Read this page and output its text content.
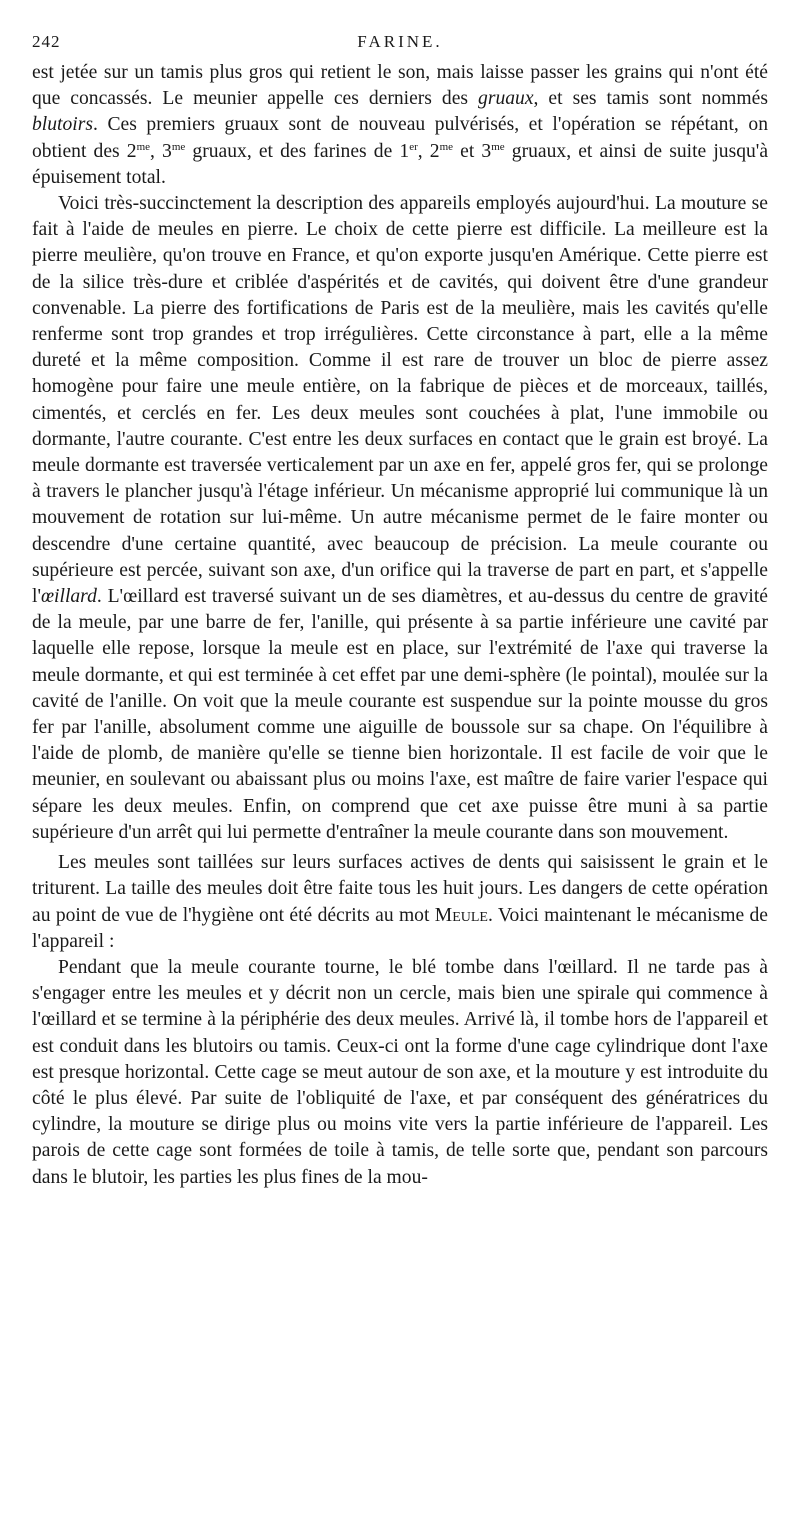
242	FARINE.

est jetée sur un tamis plus gros qui retient le son, mais laisse passer les grains qui n'ont été que concassés. Le meunier appelle ces derniers des gruaux, et ses tamis sont nommés blutoirs. Ces premiers gruaux sont de nouveau pulvérisés, et l'opération se répétant, on obtient des $2^{me}$, $3^{me}$ gruaux, et des farines de 1er, $2^{me}$ et $3^{me}$ gruaux, et ainsi de suite jusqu'à épuisement total.

Voici très-succinctement la description des appareils employés aujourd'hui. La mouture se fait à l'aide de meules en pierre. Le choix de cette pierre est difficile. La meilleure est la pierre meulière, qu'on trouve en France, et qu'on exporte jusqu'en Amérique. Cette pierre est de la silice très-dure et criblée d'aspérités et de cavités, qui doivent être d'une grandeur convenable. La pierre des fortifications de Paris est de la meulière, mais les cavités qu'elle renferme sont trop grandes et trop irrégulières. Cette circonstance à part, elle a la même dureté et la même composition. Comme il est rare de trouver un bloc de pierre assez homogène pour faire une meule entière, on la fabrique de pièces et de morceaux, taillés, cimentés, et cerclés en fer. Les deux meules sont couchées à plat, l'une immobile ou dormante, l'autre courante. C'est entre les deux surfaces en contact que le grain est broyé. La meule dormante est traversée verticalement par un axe en fer, appelé gros fer, qui se prolonge à travers le plancher jusqu'à l'étage inférieur. Un mécanisme approprié lui communique là un mouvement de rotation sur lui-même. Un autre mécanisme permet de le faire monter ou descendre d'une certaine quantité, avec beaucoup de précision. La meule courante ou supérieure est percée, suivant son axe, d'un orifice qui la traverse de part en part, et s'appelle l'œillard. L'œillard est traversé suivant un de ses diamètres, et au-dessus du centre de gravité de la meule, par une barre de fer, l'anille, qui présente à sa partie inférieure une cavité par laquelle elle repose, lorsque la meule est en place, sur l'extrémité de l'axe qui traverse la meule dormante, et qui est terminée à cet effet par une demi-sphère (le pointal), moulée sur la cavité de l'anille. On voit que la meule courante est suspendue sur la pointe mousse du gros fer par l'anille, absolument comme une aiguille de boussole sur sa chape. On l'équilibre à l'aide de plomb, de manière qu'elle se tienne bien horizontale. Il est facile de voir que le meunier, en soulevant ou abaissant plus ou moins l'axe, est maître de faire varier l'espace qui sépare les deux meules. Enfin, on comprend que cet axe puisse être muni à sa partie supérieure d'un arrêt qui lui permette d'entraîner la meule courante dans son mouvement.

Les meules sont taillées sur leurs surfaces actives de dents qui saisissent le grain et le triturent. La taille des meules doit être faite tous les huit jours. Les dangers de cette opération au point de vue de l'hygiène ont été décrits au mot Meule. Voici maintenant le mécanisme de l'appareil :

Pendant que la meule courante tourne, le blé tombe dans l'œillard. Il ne tarde pas à s'engager entre les meules et y décrit non un cercle, mais bien une spirale qui commence à l'œillard et se termine à la périphérie des deux meules. Arrivé là, il tombe hors de l'appareil et est conduit dans les blutoirs ou tamis. Ceux-ci ont la forme d'une cage cylindrique dont l'axe est presque horizontal. Cette cage se meut autour de son axe, et la mouture y est introduite du côté le plus élevé. Par suite de l'obliquité de l'axe, et par conséquent des génératrices du cylindre, la mouture se dirige plus ou moins vite vers la partie inférieure de l'appareil. Les parois de cette cage sont formées de toile à tamis, de telle sorte que, pendant son parcours dans le blutoir, les parties les plus fines de la mou-
